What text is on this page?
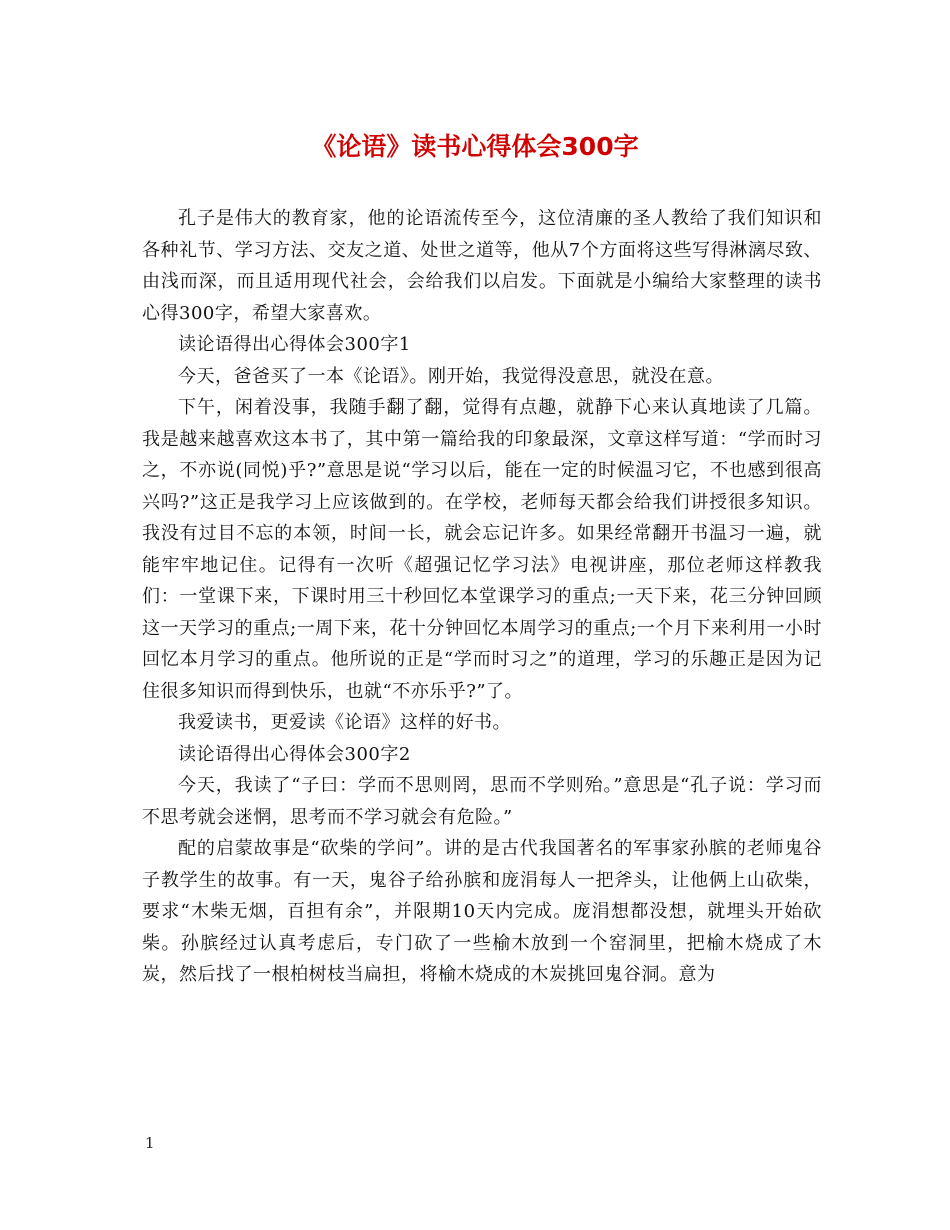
《论语》读书心得体会300字

孔子是伟大的教育家，他的论语流传至今，这位清廉的圣人教给了我们知识和各种礼节、学习方法、交友之道、处世之道等，他从7个方面将这些写得淋漓尽致、由浅而深，而且适用现代社会，会给我们以启发。下面就是小编给大家整理的读书心得300字，希望大家喜欢。

读论语得出心得体会300字1

今天，爸爸买了一本《论语》。刚开始，我觉得没意思，就没在意。

下午，闲着没事，我随手翻了翻，觉得有点趣，就静下心来认真地读了几篇。我是越来越喜欢这本书了，其中第一篇给我的印象最深，文章这样写道：“学而时习之，不亦说(同悦)乎?”意思是说“学习以后，能在一定的时候温习它，不也感到很高兴吗?”这正是我学习上应该做到的。在学校，老师每天都会给我们讲授很多知识。我没有过目不忘的本领，时间一长，就会忘记许多。如果经常翻开书温习一遍，就能牢牢地记住。记得有一次听《超强记忆学习法》电视讲座，那位老师这样教我们：一堂课下来，下课时用三十秒回忆本堂课学习的重点;一天下来，花三分钟回顾这一天学习的重点;一周下来，花十分钟回忆本周学习的重点;一个月下来利用一小时回忆本月学习的重点。他所说的正是“学而时习之”的道理，学习的乐趣正是因为记住很多知识而得到快乐，也就“不亦乐乎?”了。

我爱读书，更爱读《论语》这样的好书。

读论语得出心得体会300字2

今天，我读了“子曰：学而不思则罔，思而不学则殆。”意思是“孔子说：学习而不思考就会迷惘，思考而不学习就会有危险。”

配的启蒙故事是“砍柴的学问”。讲的是古代我国著名的军事家孙膑的老师鬼谷子教学生的故事。有一天，鬼谷子给孙膑和庞涓每人一把斧头，让他俩上山砍柴，要求“木柴无烟，百担有余”，并限期10天内完成。庞涓想都没想，就埋头开始砍柴。孙膑经过认真考虑后，专门砍了一些榆木放到一个窑洞里，把榆木烧成了木炭，然后找了一根柏树枝当扁担，将榆木烧成的木炭挑回鬼谷洞。意为

1
